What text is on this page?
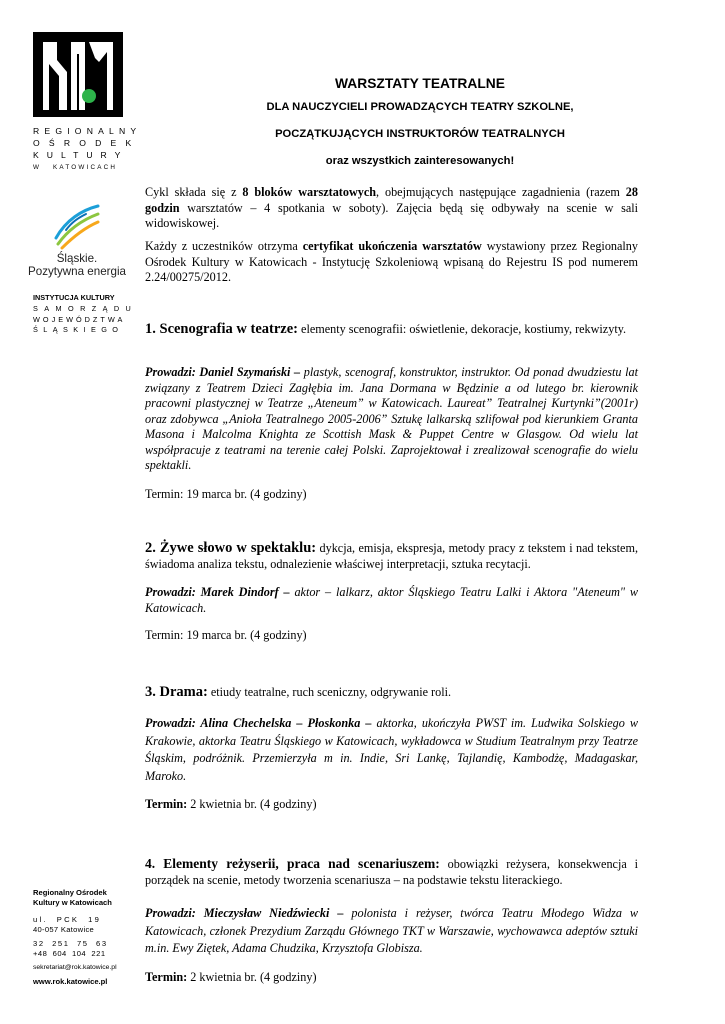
REGIONALNY
OŚRODEK
KULTURY
W   KATOWICACH
Śląskie.
Pozytywna energia
INSTYTUCJA KULTURY
SAMORZĄDU
WOJEWÓDZTWA
ŚLĄSKIEGO
Regionalny Ośrodek
Kultury w Katowicach
ul.  PCK  19
40-057 Katowice
32  251  75  63
+48  604  104  221
sekretariat@rok.katowice.pl
www.rok.katowice.pl
WARSZTATY TEATRALNE
DLA NAUCZYCIELI PROWADZĄCYCH TEATRY SZKOLNE,
POCZĄTKUJĄCYCH INSTRUKTORÓW TEATRALNYCH
oraz wszystkich zainteresowanych!
Cykl składa się z 8 bloków warsztatowych, obejmujących następujące zagadnienia (razem 28 godzin warsztatów – 4 spotkania w soboty). Zajęcia będą się odbywały na scenie w sali widowiskowej.
Każdy z uczestników otrzyma certyfikat ukończenia warsztatów wystawiony przez Regionalny Ośrodek Kultury w Katowicach - Instytucję Szkoleniową wpisaną do Rejestru IS pod numerem 2.24/00275/2012.
1. Scenografia w teatrze: elementy scenografii: oświetlenie, dekoracje, kostiumy, rekwizyty.
Prowadzi: Daniel Szymański – plastyk, scenograf, konstruktor, instruktor. Od ponad dwudziestu lat związany z Teatrem Dzieci Zagłębia im. Jana Dormana w Będzinie a od lutego br. kierownik pracowni plastycznej w Teatrze „Ateneum” w Katowicach. Laureat” Teatralnej Kurtynki”(2001r) oraz zdobywca „Anioła Teatralnego 2005-2006” Sztukę lalkarską szlifował pod kierunkiem Granta Masona i Malcolma Knighta ze Scottish Mask & Puppet Centre w Glasgow. Od wielu lat współpracuje z teatrami na terenie całej Polski. Zaprojektował i zrealizował scenografie do wielu spektakli.
Termin: 19 marca br. (4 godziny)
2. Żywe słowo w spektaklu: dykcja, emisja, ekspresja, metody pracy z tekstem i nad tekstem, świadoma analiza tekstu, odnalezienie właściwej interpretacji, sztuka recytacji.
Prowadzi: Marek Dindorf – aktor – lalkarz, aktor Śląskiego Teatru Lalki i Aktora "Ateneum" w Katowicach.
Termin: 19 marca br. (4 godziny)
3. Drama: etiudy teatralne, ruch sceniczny, odgrywanie roli.
Prowadzi: Alina Chechelska – Płoskonka – aktorka, ukończyła PWST im. Ludwika Solskiego w Krakowie, aktorka Teatru Śląskiego w Katowicach, wykładowca w Studium Teatralnym przy Teatrze Śląskim, podróżnik. Przemierzyła m in. Indie, Sri Lankę, Tajlandię, Kambodżę, Madagaskar, Maroko.
Termin: 2 kwietnia br. (4 godziny)
4. Elementy reżyserii, praca nad scenariuszem: obowiązki reżysera, konsekwencja i porządek na scenie, metody tworzenia scenariusza – na podstawie tekstu literackiego.
Prowadzi: Mieczysław Niedźwiecki – polonista i reżyser, twórca Teatru Młodego Widza w Katowicach, członek Prezydium Zarządu Głównego TKT w Warszawie, wychowawca adeptów sztuki m.in. Ewy Ziętek, Adama Chudzika, Krzysztofa Globisza.
Termin: 2 kwietnia br. (4 godziny)
